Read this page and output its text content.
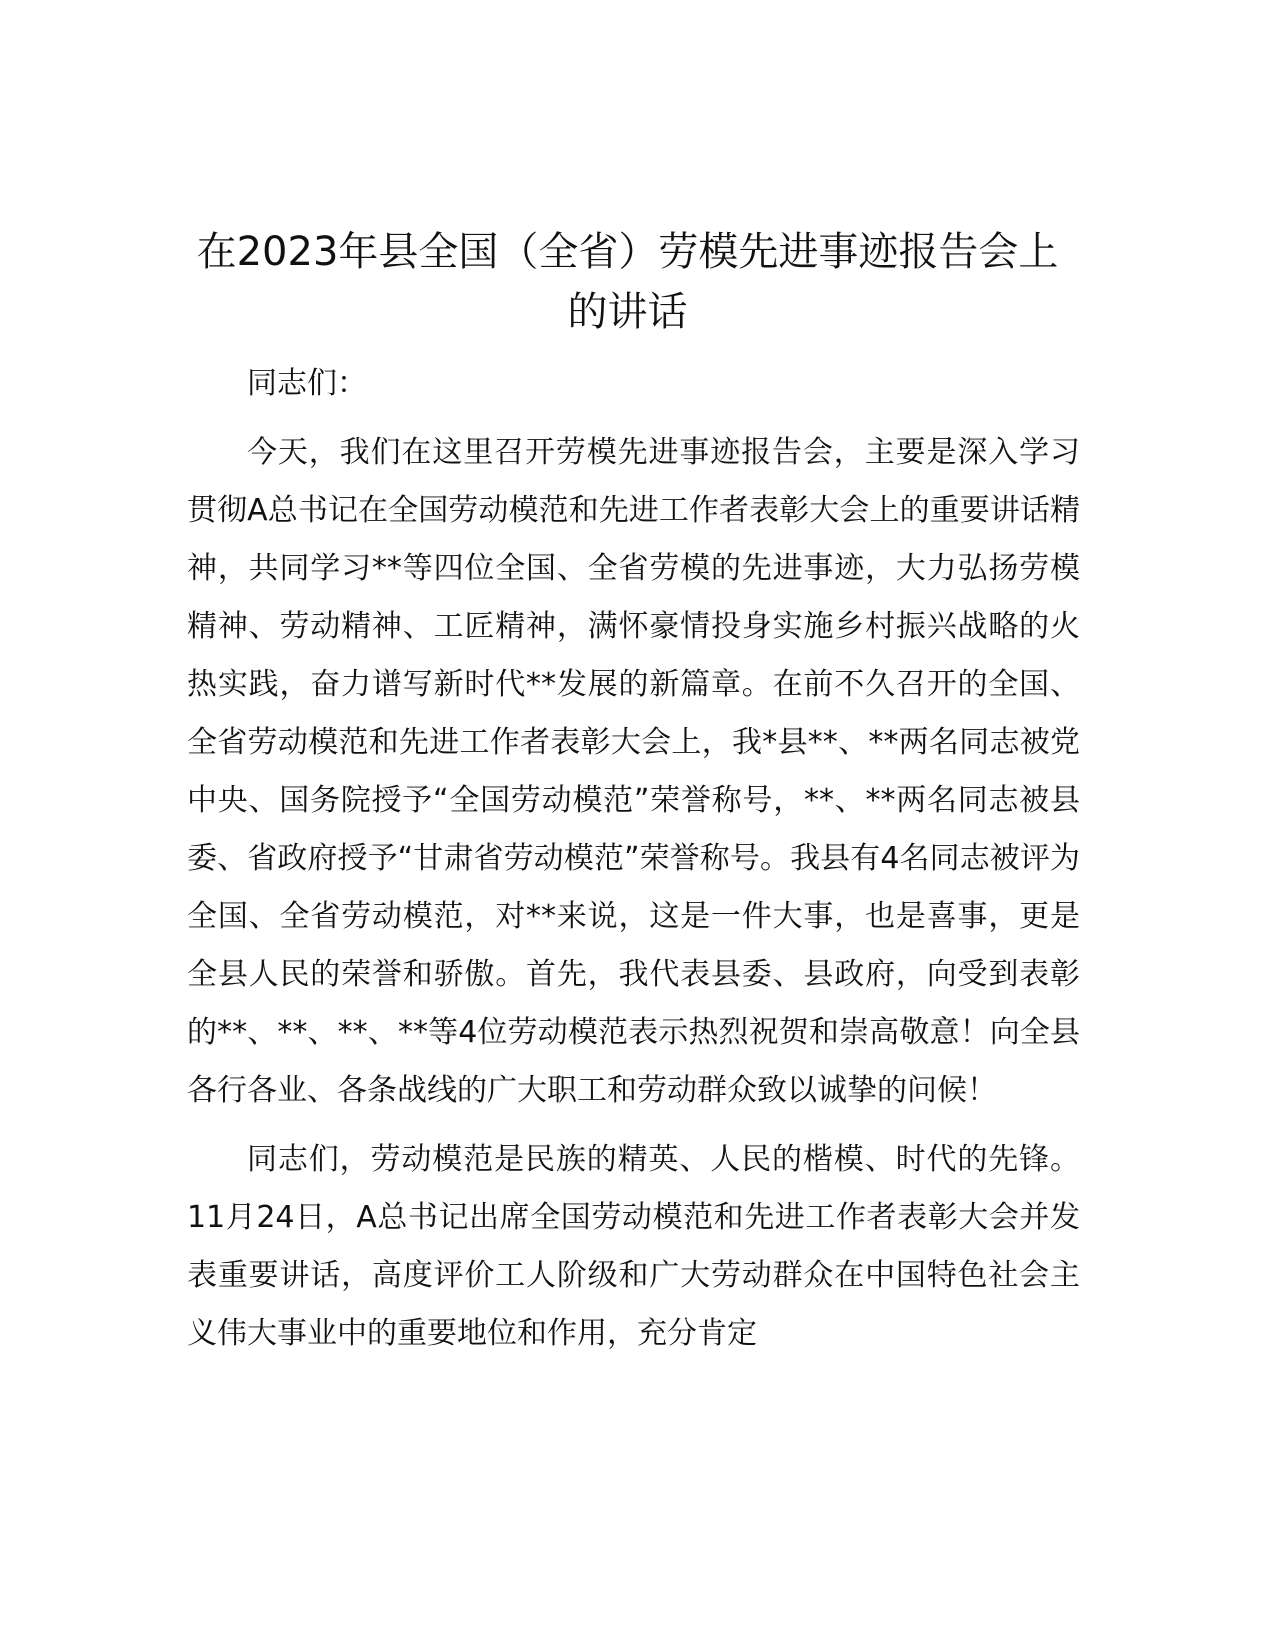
在2023年县全国（全省）劳模先进事迹报告会上的讲话

同志们：

今天，我们在这里召开劳模先进事迹报告会，主要是深入学习贯彻A总书记在全国劳动模范和先进工作者表彰大会上的重要讲话精神，共同学习**等四位全国、全省劳模的先进事迹，大力弘扬劳模精神、劳动精神、工匠精神，满怀豪情投身实施乡村振兴战略的火热实践，奋力谱写新时代**发展的新篇章。在前不久召开的全国、全省劳动模范和先进工作者表彰大会上，我*县**、**两名同志被党中央、国务院授予“全国劳动模范”荣誉称号，**、**两名同志被县委、省政府授予“甘肃省劳动模范”荣誉称号。我县有4名同志被评为全国、全省劳动模范，对**来说，这是一件大事，也是喜事，更是全县人民的荣誉和骄傲。首先，我代表县委、县政府，向受到表彰的**、**、**、**等4位劳动模范表示热烈祝贺和崇高敬意！向全县各行各业、各条战线的广大职工和劳动群众致以诚挚的问候！

同志们，劳动模范是民族的精英、人民的楷模、时代的先锋。11月24日，A总书记出席全国劳动模范和先进工作者表彰大会并发表重要讲话，高度评价工人阶级和广大劳动群众在中国特色社会主义伟大事业中的重要地位和作用，充分肯定
